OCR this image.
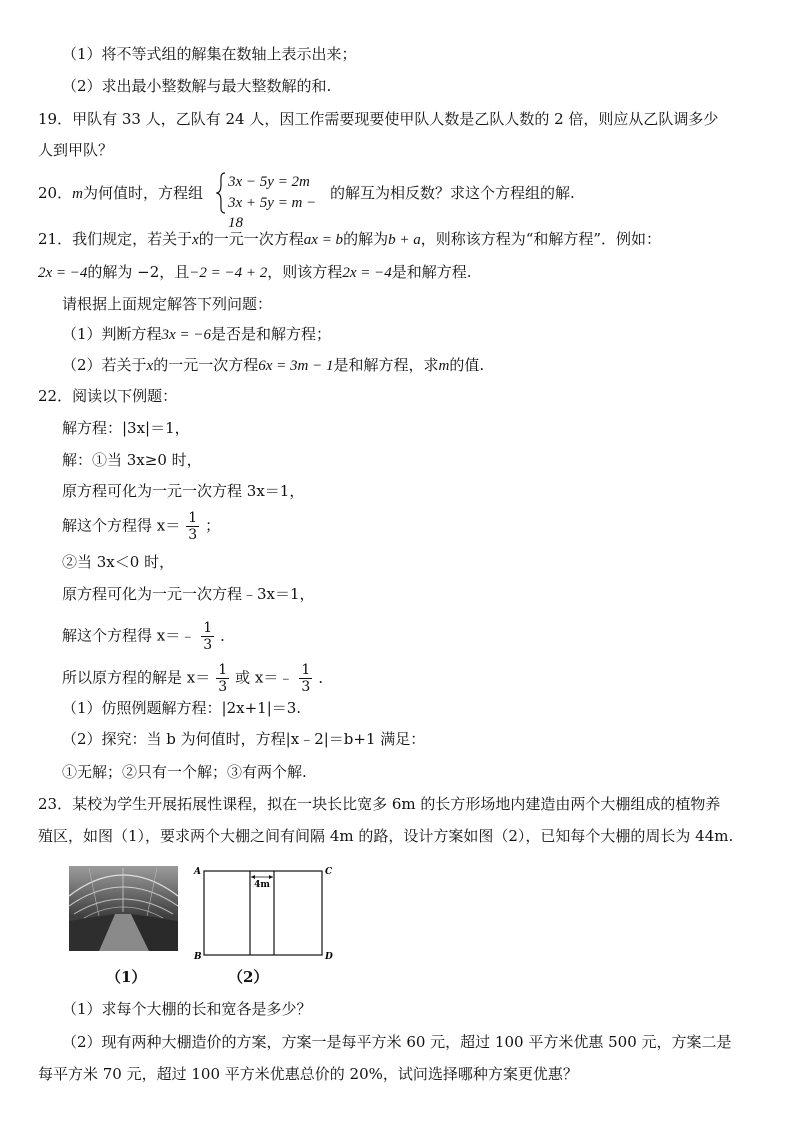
（1）将不等式组的解集在数轴上表示出来；
（2）求出最小整数解与最大整数解的和.
19．甲队有 33 人，乙队有 24 人，因工作需要现要使甲队人数是乙队人数的 2 倍，则应从乙队调多少
人到甲队？
20．m为何值时，方程组
3x − 5y = 2m
3x + 5y = m − 18
的解互为相反数？求这个方程组的解.
21．我们规定，若关于x的一元一次方程ax = b的解为b + a，则称该方程为“和解方程”．例如：
2x = −4的解为 −2，且−2 = −4 + 2，则该方程2x = −4是和解方程.
请根据上面规定解答下列问题：
（1）判断方程3x = −6是否是和解方程；
（2）若关于x的一元一次方程6x = 3m − 1是和解方程，求m的值.
22．阅读以下例题：
解方程：|3x|＝1，
解：①当 3x≥0 时，
原方程可化为一元一次方程 3x＝1，
解这个方程得 $x= \frac{1}{3}$ ；
②当 3x＜0 时，
原方程可化为一元一次方程﹣3x＝1，
解这个方程得 x＝﹣ $\frac{1}{3}$ ．
所以原方程的解是 $x= \frac{1}{3}$ 或 x＝﹣ $\frac{1}{3}$ ．
（1）仿照例题解方程：|2x+1|＝3.
（2）探究：当 b 为何值时，方程|x﹣2|＝b+1 满足：
①无解；②只有一个解；③有两个解.
23．某校为学生开展拓展性课程，拟在一块长比宽多 6m 的长方形场地内建造由两个大棚组成的植物养
殖区，如图（1），要求两个大棚之间有间隔 4m 的路，设计方案如图（2），已知每个大棚的周长为 44m.
（1）
4m
A
B
C
D
（2）
（1）求每个大棚的长和宽各是多少？
（2）现有两种大棚造价的方案，方案一是每平方米 60 元，超过 100 平方米优惠 500 元，方案二是
每平方米 70 元，超过 100 平方米优惠总价的 20%，试问选择哪种方案更优惠？
